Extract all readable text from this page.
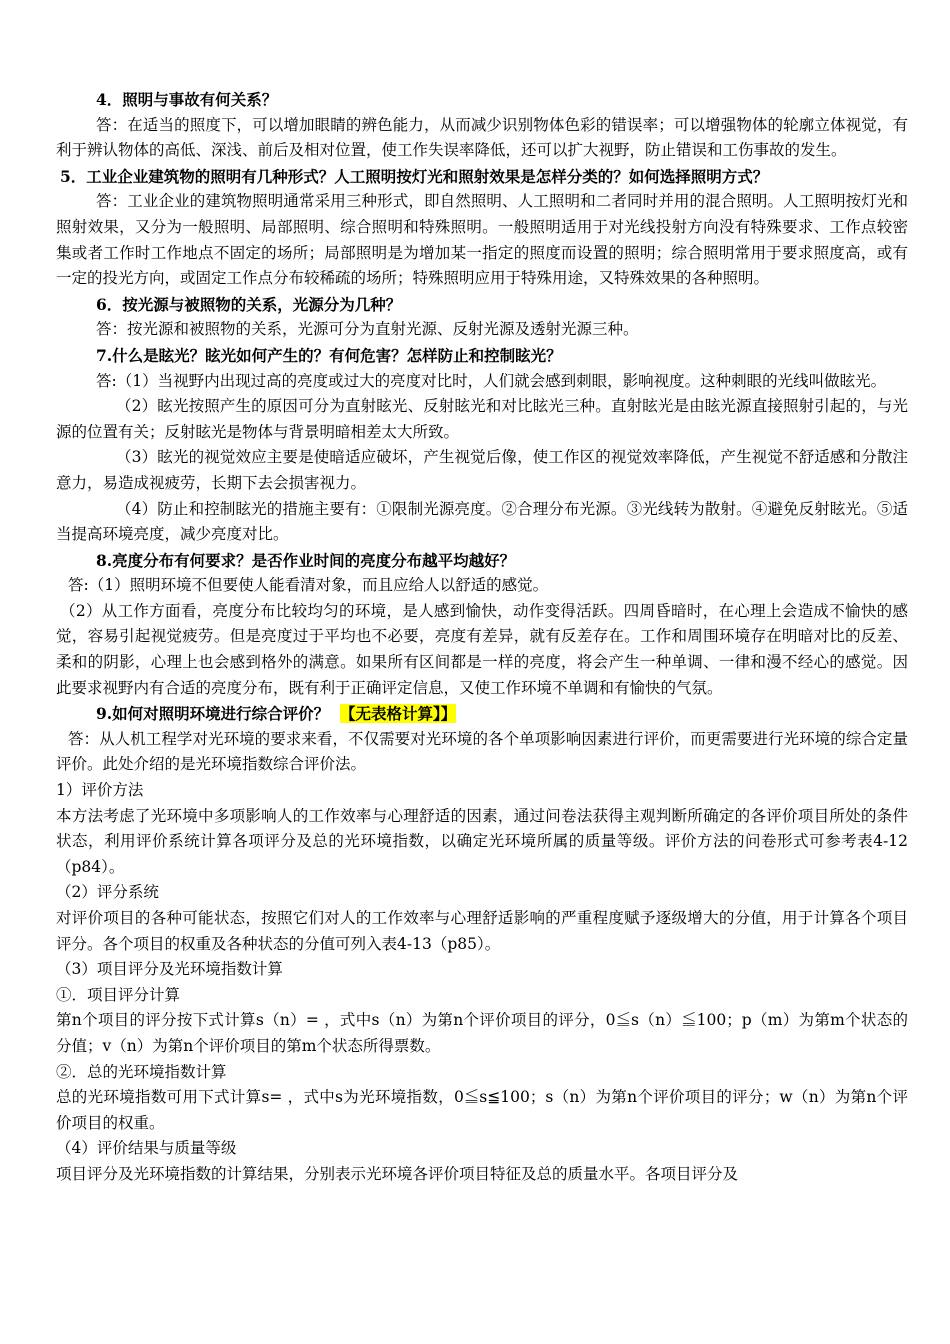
4．照明与事故有何关系？

答：在适当的照度下，可以增加眼睛的辨色能力，从而减少识别物体色彩的错误率；可以增强物体的轮廓立体视觉，有利于辨认物体的高低、深浅、前后及相对位置，使工作失误率降低，还可以扩大视野，防止错误和工伤事故的发生。

5．工业企业建筑物的照明有几种形式？人工照明按灯光和照射效果是怎样分类的？如何选择照明方式？

答：工业企业的建筑物照明通常采用三种形式，即自然照明、人工照明和二者同时并用的混合照明。人工照明按灯光和照射效果，又分为一般照明、局部照明、综合照明和特殊照明。一般照明适用于对光线投射方向没有特殊要求、工作点较密集或者工作时工作地点不固定的场所；局部照明是为增加某一指定的照度而设置的照明；综合照明常用于要求照度高，或有一定的投光方向，或固定工作点分布较稀疏的场所；特殊照明应用于特殊用途，又特殊效果的各种照明。

6．按光源与被照物的关系，光源分为几种？

答：按光源和被照物的关系，光源可分为直射光源、反射光源及透射光源三种。

7.什么是眩光？眩光如何产生的？有何危害？怎样防止和控制眩光？

答:（1）当视野内出现过高的亮度或过大的亮度对比时，人们就会感到刺眼，影响视度。这种刺眼的光线叫做眩光。

（2）眩光按照产生的原因可分为直射眩光、反射眩光和对比眩光三种。直射眩光是由眩光源直接照射引起的，与光源的位置有关；反射眩光是物体与背景明暗相差太大所致。

（3）眩光的视觉效应主要是使暗适应破坏，产生视觉后像，使工作区的视觉效率降低，产生视觉不舒适感和分散注意力，易造成视疲劳，长期下去会损害视力。

（4）防止和控制眩光的措施主要有：①限制光源亮度。②合理分布光源。③光线转为散射。④避免反射眩光。⑤适当提高环境亮度，减少亮度对比。

8.亮度分布有何要求？是否作业时间的亮度分布越平均越好？

答:（1）照明环境不但要使人能看清对象，而且应给人以舒适的感觉。

（2）从工作方面看，亮度分布比较均匀的环境，是人感到愉快，动作变得活跃。四周昏暗时，在心理上会造成不愉快的感觉，容易引起视觉疲劳。但是亮度过于平均也不必要，亮度有差异，就有反差存在。工作和周围环境存在明暗对比的反差、柔和的阴影，心理上也会感到格外的满意。如果所有区间都是一样的亮度，将会产生一种单调、一律和漫不经心的感觉。因此要求视野内有合适的亮度分布，既有利于正确评定信息，又使工作环境不单调和有愉快的气氛。

9.如何对照明环境进行综合评价？ 【无表格计算】】

答：从人机工程学对光环境的要求来看，不仅需要对光环境的各个单项影响因素进行评价，而更需要进行光环境的综合定量评价。此处介绍的是光环境指数综合评价法。

1）评价方法

本方法考虑了光环境中多项影响人的工作效率与心理舒适的因素，通过问卷法获得主观判断所确定的各评价项目所处的条件状态，利用评价系统计算各项评分及总的光环境指数，以确定光环境所属的质量等级。评价方法的问卷形式可参考表4-12（p84）。

（2）评分系统

对评价项目的各种可能状态，按照它们对人的工作效率与心理舒适影响的严重程度赋予逐级增大的分值，用于计算各个项目评分。各个项目的权重及各种状态的分值可列入表4-13（p85）。

（3）项目评分及光环境指数计算

①．项目评分计算

第n个项目的评分按下式计算s（n）= ，式中s（n）为第n个评价项目的评分，0≦s（n）≦100；p（m）为第m个状态的分值；v（n）为第n个评价项目的第m个状态所得票数。

②．总的光环境指数计算

总的光环境指数可用下式计算s= ，式中s为光环境指数，0≦s≦100；s（n）为第n个评价项目的评分；w（n）为第n个评价项目的权重。

（4）评价结果与质量等级

项目评分及光环境指数的计算结果，分别表示光环境各评价项目特征及总的质量水平。各项目评分及
